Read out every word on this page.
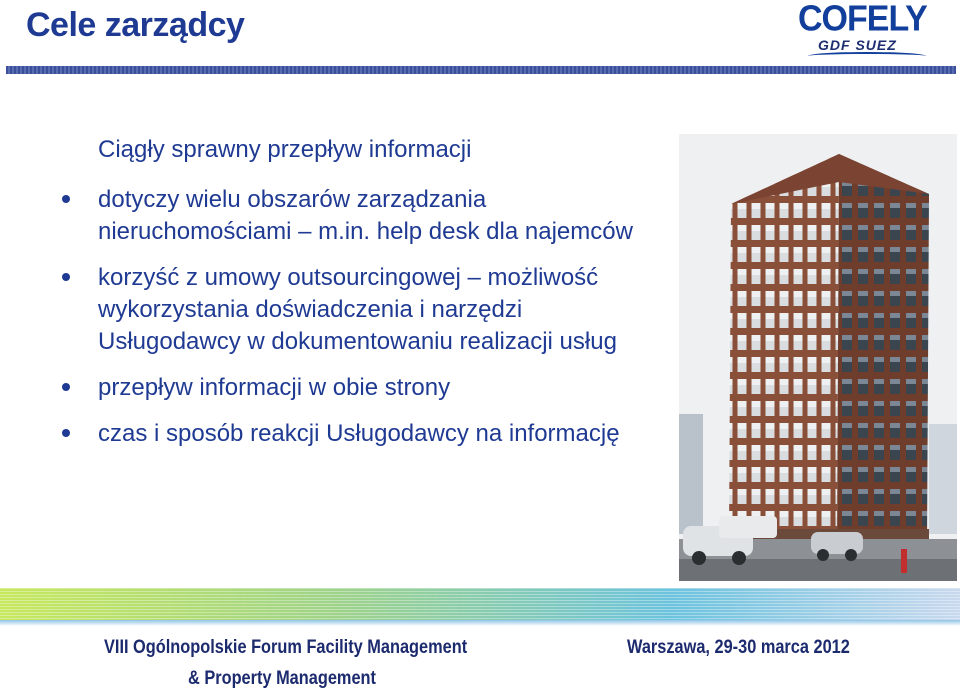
Cele zarządcy	COFELY
GDF SUEZ
Ciągły sprawny przepływ informacji
dotyczy wielu obszarów zarządzania nieruchomościami – m.in. help desk dla najemców
korzyść z umowy outsourcingowej – możliwość wykorzystania doświadczenia i narzędzi Usługodawcy w dokumentowaniu realizacji usług
przepływ informacji w obie strony
czas i sposób reakcji Usługodawcy na informację
VIII Ogólnopolskie Forum Facility Management
& Property Management
Warszawa, 29-30 marca 2012
